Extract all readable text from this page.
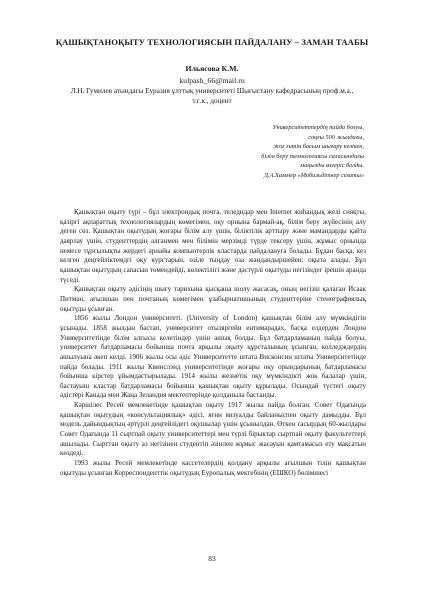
ҚАШЫҚТАНОҚЫТУ ТЕХНОЛОГИЯСЫН ПАЙДАЛАНУ – ЗАМАН ТААБЫ
Ильясова К.М.
kulpash_66@mail.ru
Л.Н. Гумилев атындағы Еуразия ұлттық университеті Шығыстану кафедрасының проф.м.а.,
т.ғ.к., доцент
Университеттердің пайда болуы,
соңғы 500 жылдағы,
жоғ ғитін басым шығару келікен,
білім беру технологиясы саласындағы
маңызды өзгеріс болды.
Д.А.Хаммер «Мобильдітнер сезаты»

Қашықтан оқыту түрі – бұл электрондық почта, теледидар мен Internet жиһандық желі сияқты, қазіргі ақпараттық технологиялардың көмегімен, оқу орнына бармай-ақ, білім беру жүйесінің алу деген сөз. Қашықтан оқытудың жоғары білім алу үшін, біліктілік арттыру және мамандарды қайта даярлау үшін, студенттердің алғанмен мен білімін мерзімді түрде тексеру үшін, жұмыс орнында немесе тұрғылықты жердегі арнайы компьютерлік кластарда пайдалануға болады. Бұдан басқа, кез келген деңгейліктемдгі оқу курстарын, өзіле тыңдау оза жандандыршейен: оқыта алады. Бұл қашықтан оқытудың сапасын төмендейді, көлектілігі және дәстүрлі оқытуды негізіндег ірешін аранда түседі.

Қашықтан оқыту әдісіңің шығу тарихына қысқаша шолу жасасақ, оның негізін қалаған Исаак Питман, ағылшын пен почтаның көмегімен ұзабырнатишының студенттеріне стенографиялық оқытуды ұсынған.

1856 жылы Лондон университеті. (University of London) қашықтан білім алу мүмкіндігін ұсынады. 1858 жылдан бастап, университет отызяргейи ентимарадах, басқа елдерден Лондон Университетінде білім алғысы келетіндер үшін ашық болды. Бұл батдарламаның пайда болуы, университет батдарламасы бойынша почта арқылы оқыту құрсталының ұсынған, колледждердің ашылуына әкеп келді. 1906 жылы осы әдіс Университетте штата Висконсин штаты Университетінде пайда болады. 1911 жылы Квинслэнд университетінде жоғары оқу орындарының батдарламасы бойынша кірстер ұйымдастырылады. 1914 жылы жезнетік оқу мүмкіндікті жок балалар үшін, бастауыш кластар батдарламасы бойынша қашықтан оқыту құрылады. Осындай түстегі оқыту әдістері Канада мен Жаңа Зеландия мектептерінде қолданыла бастаиды.

Кәршілес Ресей мемлекетінде қашықтан оқыту 1917 жылы пайда болған. Совет Одағында қашықтан оқытудың «консультациялық» әдісі, яғни визуалды байланыспен оқыту дамыдды. Бұл модель дайындықтың әртүрлі деңгейлідегі оқушылар үшін ұсынылдан. Өткен ғасырдың 60-жылдары Совет Одағында 11 сыртпай оқыту университеттері мен түрлі бірыктар сыртпай оқыту факультеттері ашылады. Сырттан оқыту аз негізінен студентіп әзінлен жұмыс жасауын қамтамасыз ету мақсатын көздеді.

1993 жылы Ресей мемлекетінде кассетелердің қолдану арқылы ағылшын тілін қашықтан оқытуды ұсынған Корреспонденттік оқытудың Еуропалық мектебінің (ЕШКО) бөлімшесі

83
